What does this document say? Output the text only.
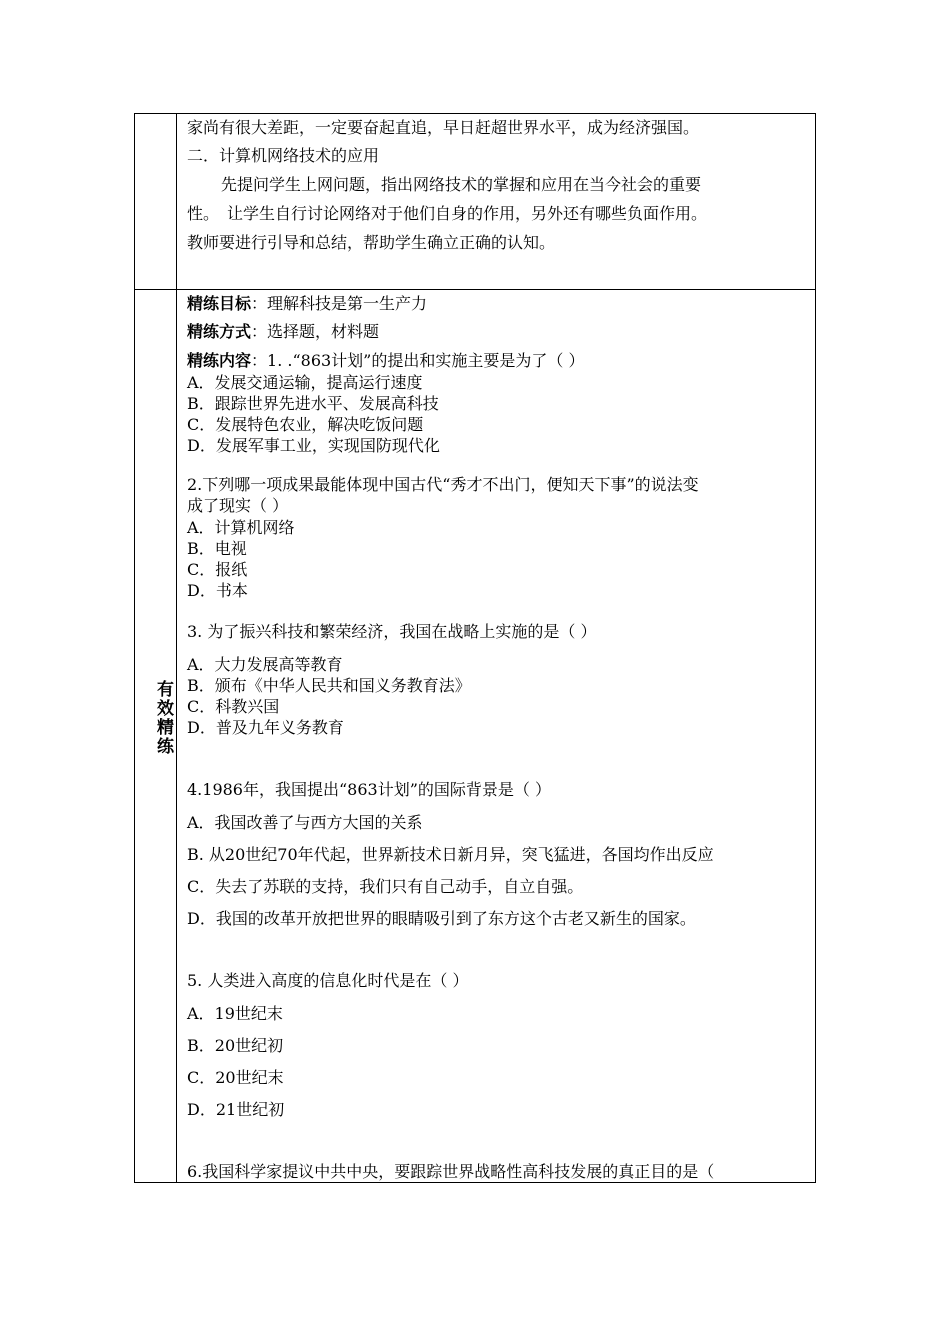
家尚有很大差距，一定要奋起直追，早日赶超世界水平，成为经济强国。
二．计算机网络技术的应用
先提问学生上网问题，指出网络技术的掌握和应用在当今社会的重要
性。　让学生自行讨论网络对于他们自身的作用，另外还有哪些负面作用。
教师要进行引导和总结，帮助学生确立正确的认知。
有效精练
精练目标：理解科技是第一生产力
精练方式：选择题，材料题
精练内容：1. .“863计划”的提出和实施主要是为了（ ）
A．发展交通运输，提高运行速度
B．跟踪世界先进水平、发展高科技
C．发展特色农业，解决吃饭问题
D．发展军事工业，实现国防现代化
2.下列哪一项成果最能体现中国古代“秀才不出门，便知天下事”的说法变
成了现实（ ）
A．计算机网络
B．电视
C．报纸
D．书本
3. 为了振兴科技和繁荣经济，我国在战略上实施的是（ ）
A．大力发展高等教育
B．颁布《中华人民共和国义务教育法》
C．科教兴国
D．普及九年义务教育
4.1986年，我国提出“863计划”的国际背景是（ ）
A．我国改善了与西方大国的关系
B. 从20世纪70年代起，世界新技术日新月异，突飞猛进，各国均作出反应
C．失去了苏联的支持，我们只有自己动手，自立自强。
D．我国的改革开放把世界的眼睛吸引到了东方这个古老又新生的国家。
5. 人类进入高度的信息化时代是在（ ）
A．19世纪末
B．20世纪初
C．20世纪末
D．21世纪初
6.我国科学家提议中共中央，要跟踪世界战略性高科技发展的真正目的是（
